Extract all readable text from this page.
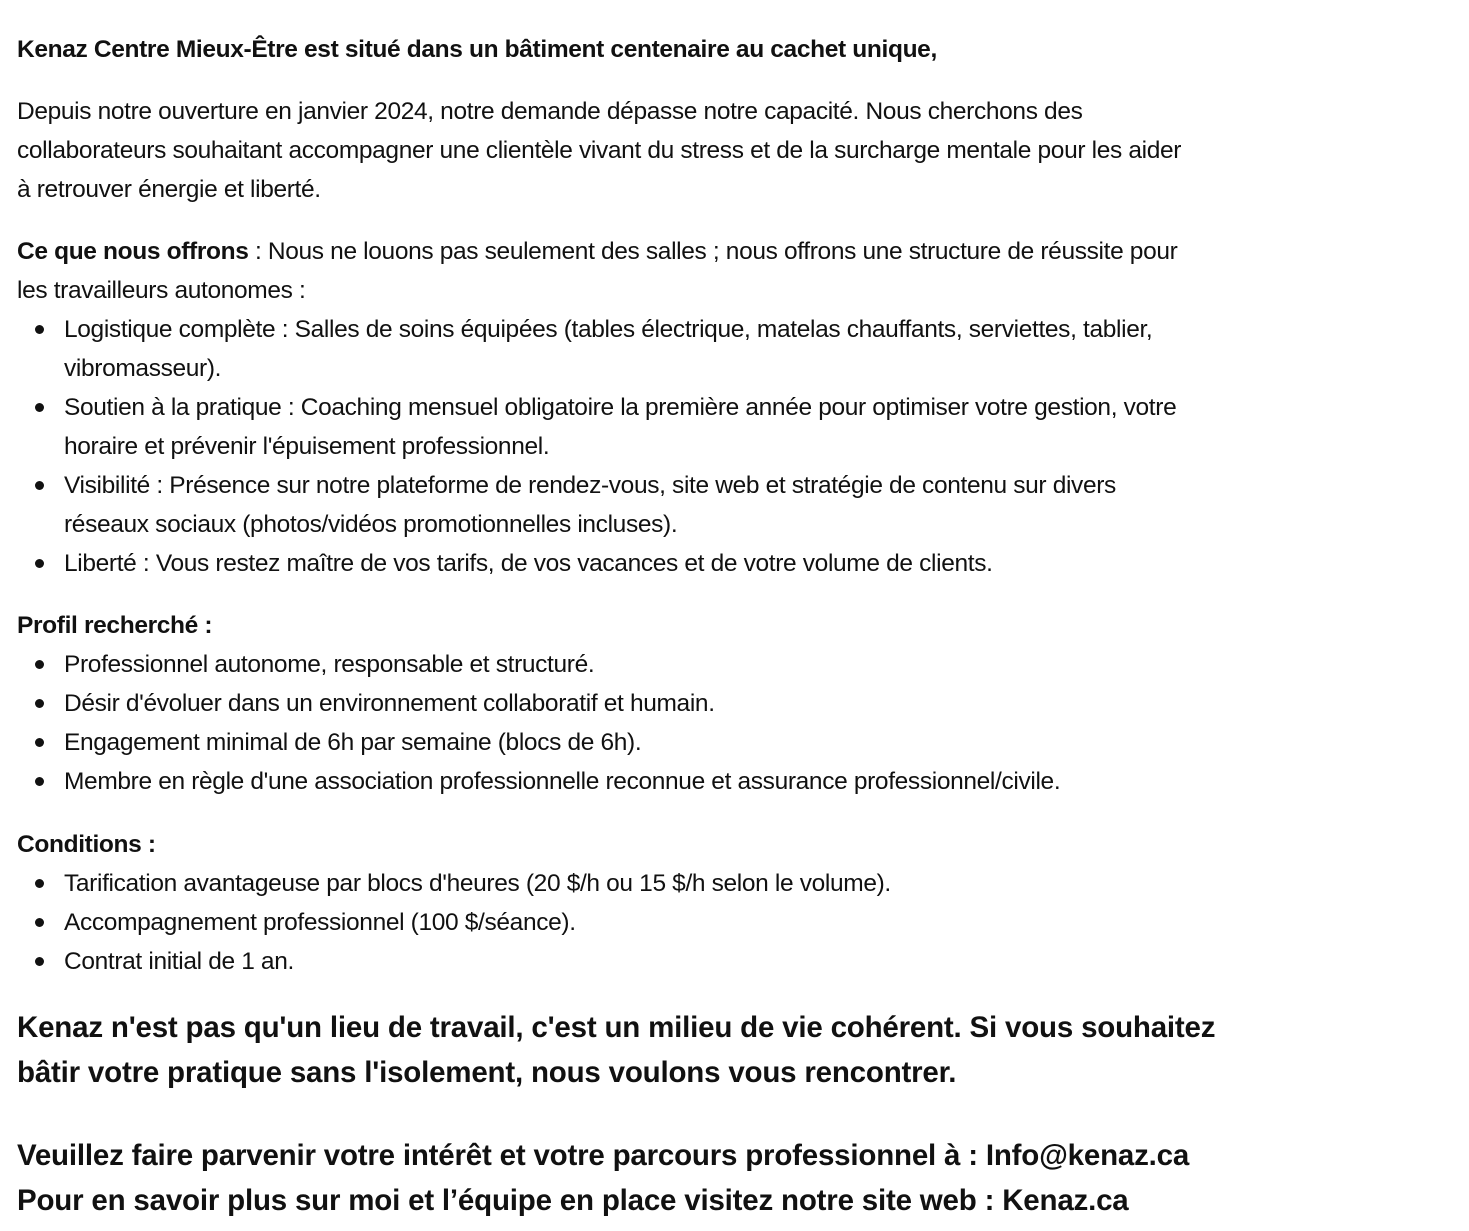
Kenaz Centre Mieux-Être est situé dans un bâtiment centenaire au cachet unique,

Depuis notre ouverture en janvier 2024, notre demande dépasse notre capacité. Nous cherchons des

collaborateurs souhaitant accompagner une clientèle vivant du stress et de la surcharge mentale pour les aider

à retrouver énergie et liberté.

Ce que nous offrons : Nous ne louons pas seulement des salles ; nous offrons une structure de réussite pour

les travailleurs autonomes :

Logistique complète : Salles de soins équipées (tables électrique, matelas chauffants, serviettes, tablier,
vibromasseur).
Soutien à la pratique : Coaching mensuel obligatoire la première année pour optimiser votre gestion, votre
horaire et prévenir l'épuisement professionnel.
Visibilité : Présence sur notre plateforme de rendez-vous, site web et stratégie de contenu sur divers
réseaux sociaux (photos/vidéos promotionnelles incluses).
Liberté : Vous restez maître de vos tarifs, de vos vacances et de votre volume de clients.

Profil recherché :

Professionnel autonome, responsable et structuré.
Désir d'évoluer dans un environnement collaboratif et humain.
Engagement minimal de 6h par semaine (blocs de 6h).
Membre en règle d'une association professionnelle reconnue et assurance professionnel/civile.

Conditions :

Tarification avantageuse par blocs d'heures (20 $/h ou 15 $/h selon le volume).
Accompagnement professionnel (100 $/séance).
Contrat initial de 1 an.
Kenaz n'est pas qu'un lieu de travail, c'est un milieu de vie cohérent. Si vous souhaitez
bâtir votre pratique sans l'isolement, nous voulons vous rencontrer.
Veuillez faire parvenir votre intérêt et votre parcours professionnel à : Info@kenaz.ca
Pour en savoir plus sur moi et l’équipe en place visitez notre site web : Kenaz.ca
